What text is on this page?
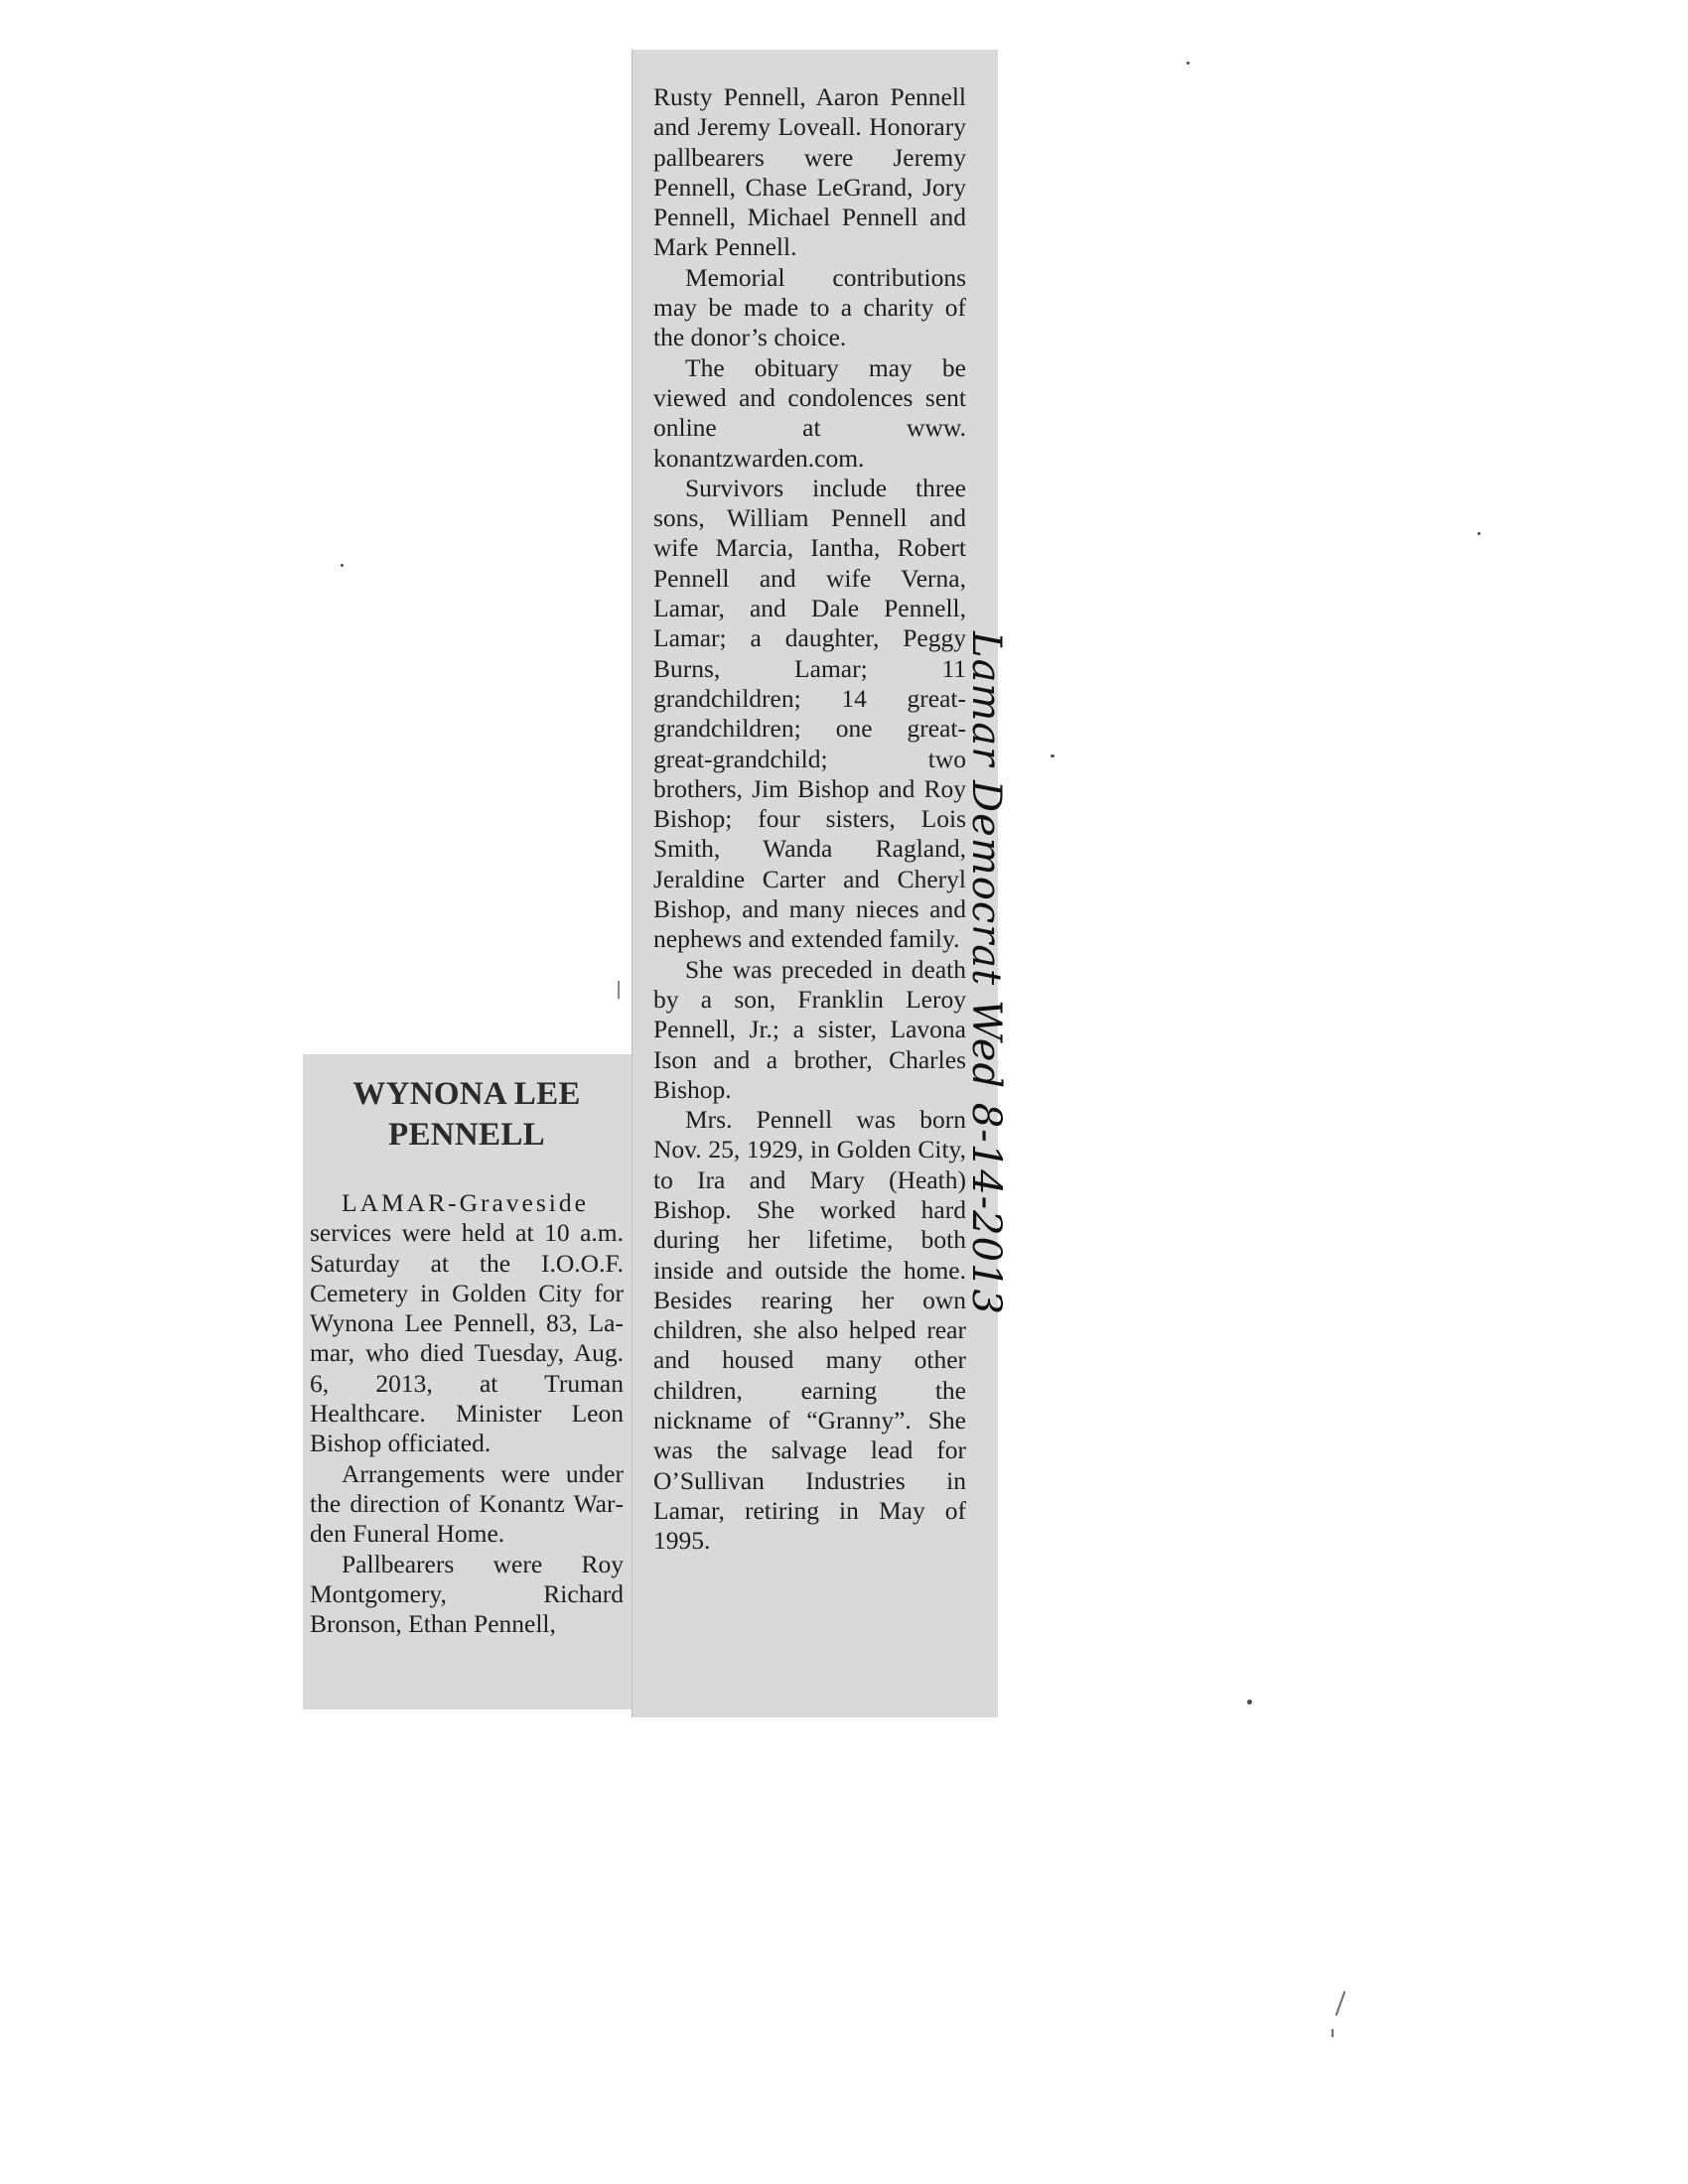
WYNONA LEE
PENNELL

LAMAR-Graveside services were held at 10 a.m. Saturday at the I.O.O.F. Cemetery in Golden City for Wynona Lee Pennell, 83, Lamar, who died Tuesday, Aug. 6, 2013, at Truman Healthcare. Minister Leon Bishop officiated.

Arrangements were under the direction of Konantz Warden Funeral Home.

Pallbearers were Roy Montgomery, Richard Bronson, Ethan Pennell,

Rusty Pennell, Aaron Pennell and Jeremy Loveall. Honorary pallbearers were Jeremy Pennell, Chase LeGrand, Jory Pennell, Michael Pennell and Mark Pennell.

Memorial contributions may be made to a charity of the donor’s choice.

The obituary may be viewed and condolences sent online at www. konantzwarden.com.

Survivors include three sons, William Pennell and wife Marcia, Iantha, Robert Pennell and wife Verna, Lamar, and Dale Pennell, Lamar; a daughter, Peggy Burns, Lamar; 11 grandchildren; 14 great-grandchildren; one great-great-grandchild; two brothers, Jim Bishop and Roy Bishop; four sisters, Lois Smith, Wanda Ragland, Jeraldine Carter and Cheryl Bishop, and many nieces and nephews and extended family.

She was preceded in death by a son, Franklin Leroy Pennell, Jr.; a sister, Lavona Ison and a brother, Charles Bishop.

Mrs. Pennell was born Nov. 25, 1929, in Golden City, to Ira and Mary (Heath) Bishop. She worked hard during her lifetime, both inside and outside the home. Besides rearing her own children, she also helped rear and housed many other children, earning the nickname of “Granny”. She was the salvage lead for O’Sullivan Industries in Lamar, retiring in May of 1995.

Lamar Democrat Wed 8-14-2013
